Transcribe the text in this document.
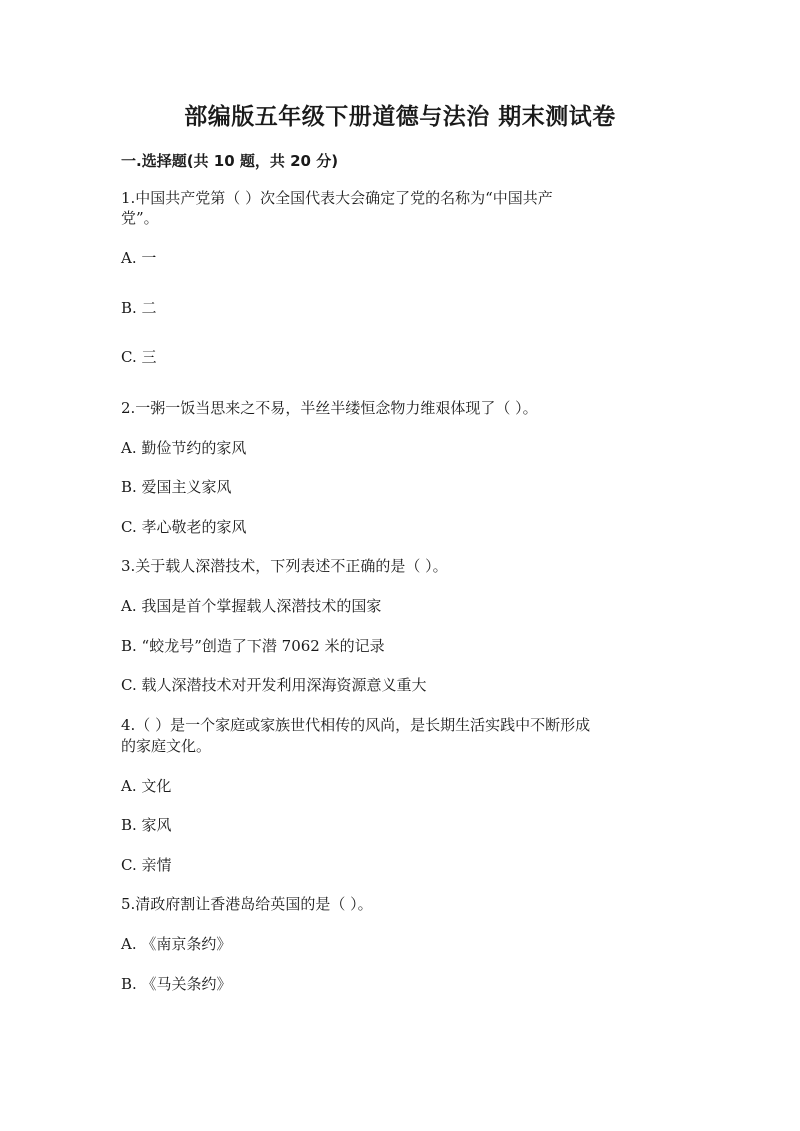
部编版五年级下册道德与法治 期末测试卷
一.选择题(共 10 题，共 20 分)
1.中国共产党第（ ）次全国代表大会确定了党的名称为“中国共产
党”。
A. 一
B. 二
C. 三
2.一粥一饭当思来之不易，半丝半缕恒念物力维艰体现了（ ）。
A. 勤俭节约的家风
B. 爱国主义家风
C. 孝心敬老的家风
3.关于载人深潜技术，下列表述不正确的是（ ）。
A. 我国是首个掌握载人深潜技术的国家
B. “蛟龙号”创造了下潜 7062 米的记录
C. 载人深潜技术对开发利用深海资源意义重大
4.（ ）是一个家庭或家族世代相传的风尚，是长期生活实践中不断形成
的家庭文化。
A. 文化
B. 家风
C. 亲情
5.清政府割让香港岛给英国的是（ ）。
A. 《南京条约》
B. 《马关条约》
